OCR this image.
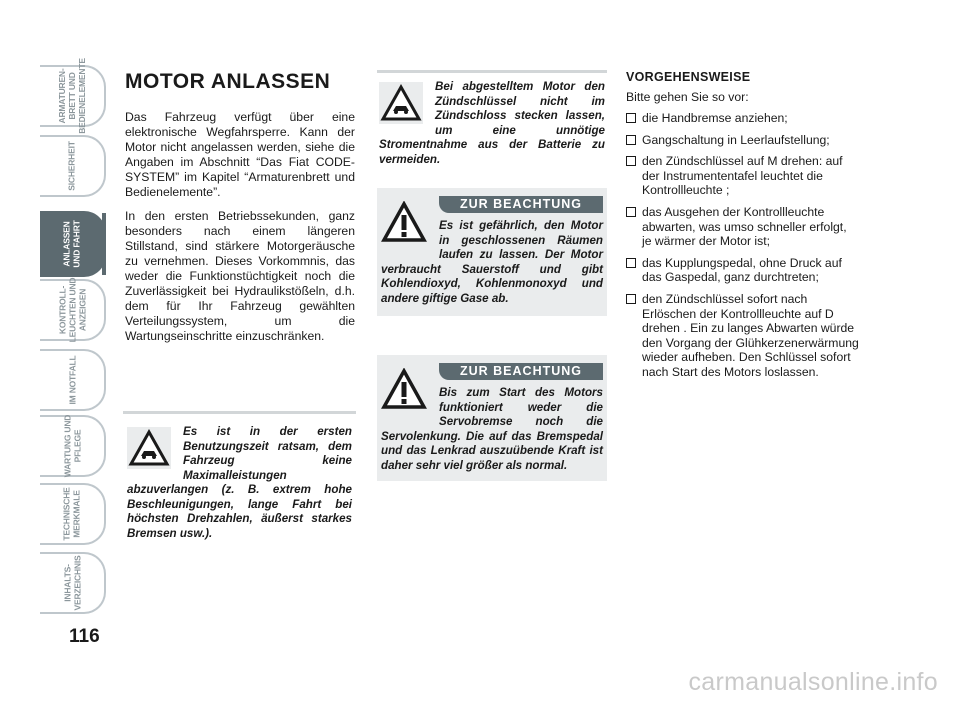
ARMATUREN-
BRETT UND
BEDIENELEMENTE
SICHERHEIT
ANLASSEN
UND FAHRT
KONTROLL-
LEUCHTEN UND
ANZEIGEN
IM NOTFALL
WARTUNG UND
PFLEGE
TECHNISCHE
MERKMALE
INHALTS-
VERZEICHNIS
116
MOTOR ANLASSEN

Das Fahrzeug verfügt über eine elektronische Wegfahrsperre. Kann der Motor nicht angelassen werden, siehe die Angaben im Abschnitt “Das Fiat CODE-SYSTEM” im Kapitel “Armaturenbrett und Bedienelemente”.

In den ersten Betriebssekunden, ganz besonders nach einem längeren Stillstand, sind stärkere Motorgeräusche zu vernehmen. Dieses Vorkommnis, das weder die Funktionstüchtigkeit noch die Zuverlässigkeit bei Hydraulikstößeln, d.h. dem für Ihr Fahrzeug gewählten Verteilungssystem, um die Wartungseinschritte einzuschränken.

Es ist in der ersten Benutzungszeit ratsam, dem Fahrzeug keine Maximalleistungen abzuverlangen (z. B. extrem hohe Beschleunigungen, lange Fahrt bei höchsten Drehzahlen, äußerst starkes Bremsen usw.).
Bei abgestelltem Motor den Zündschlüssel nicht im Zündschloss stecken lassen, um eine unnötige Stromentnahme aus der Batterie zu vermeiden.
ZUR BEACHTUNG
Es ist gefährlich, den Motor in geschlossenen Räumen laufen zu lassen. Der Motor verbraucht Sauerstoff und gibt Kohlendioxyd, Kohlenmonoxyd und andere giftige Gase ab.
ZUR BEACHTUNG
Bis zum Start des Motors funktioniert weder die Servobremse noch die Servolenkung. Die auf das Bremspedal und das Lenkrad auszuübende Kraft ist daher sehr viel größer als normal.
VORGEHENSWEISE

Bitte gehen Sie so vor:

die Handbremse anziehen;
Gangschaltung in Leerlaufstellung;
den Zündschlüssel auf M drehen: auf der Instrumententafel leuchtet die Kontrollleuchte ;
das Ausgehen der Kontrollleuchte abwarten, was umso schneller erfolgt, je wärmer der Motor ist;
das Kupplungspedal, ohne Druck auf das Gaspedal, ganz durchtreten;
den Zündschlüssel sofort nach Erlöschen der Kontrollleuchte auf D drehen . Ein zu langes Abwarten würde den Vorgang der Glühkerzenerwärmung wieder aufheben. Den Schlüssel sofort nach Start des Motors loslassen.
carmanualsonline.info
